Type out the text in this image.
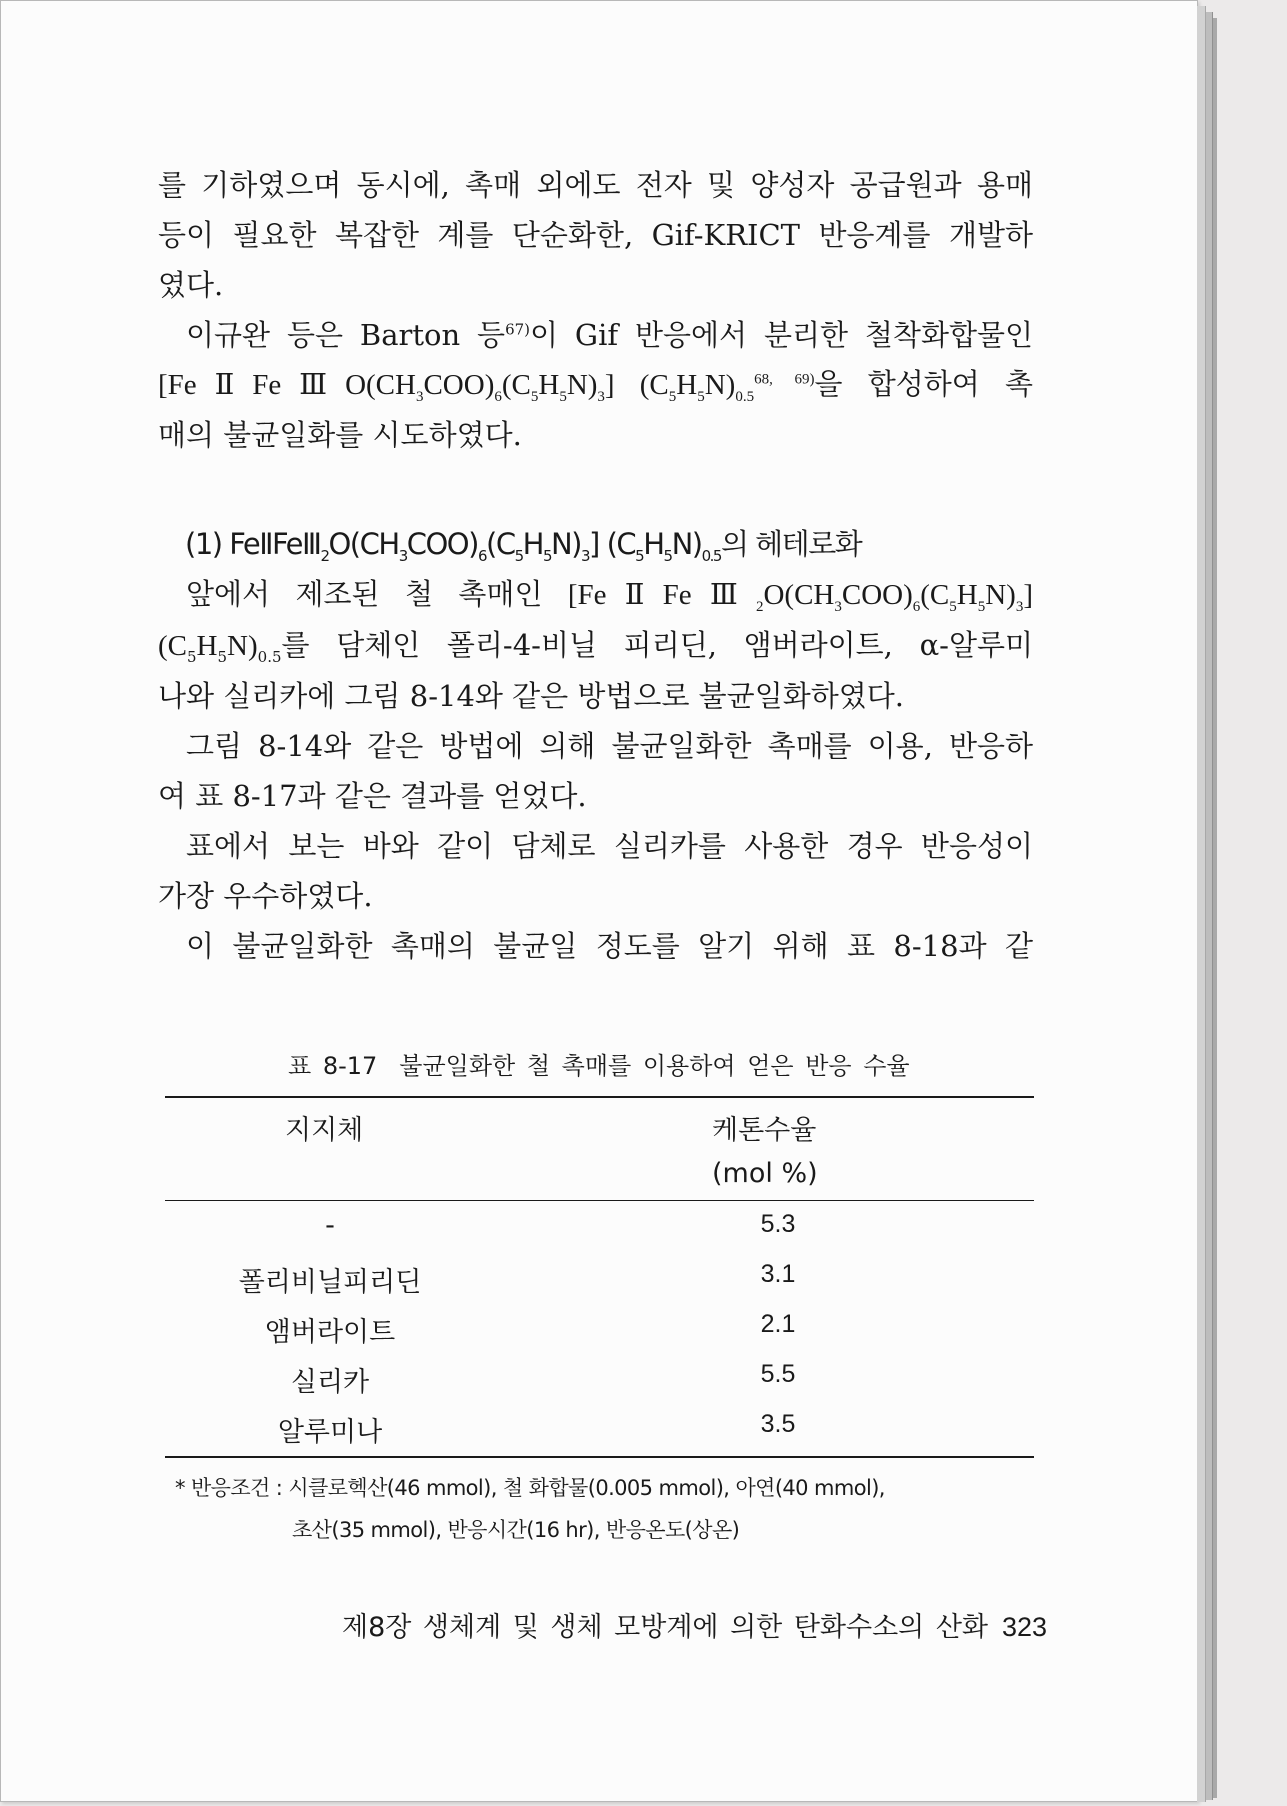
를 기하였으며 동시에, 촉매 외에도 전자 및 양성자 공급원과 용매
등이 필요한 복잡한 계를 단순화한, Gif-KRICT 반응계를 개발하
였다.

이규완 등은 Barton 등$^{67)}$이 Gif 반응에서 분리한 철착화합물인
$[FeⅡFeⅢO(CH_3COO)_6(C_5H_5N)_3]$ $(C_5H_5N)_{0.5}^{68, 69)}$을 합성하여 촉
매의 불균일화를 시도하였다.

(1) $FeⅡFeⅢ_2O(CH_3COO)_6(C_5H_5N)_3$] $(C_5H_5N)_{0.5}$의 헤테로화

앞에서 제조된 철 촉매인 $[FeⅡFeⅢ_2O(CH_3COO)_6(C_5H_5N)_3]$
$(C_5H_5N)_{0.5}$를 담체인 폴리-4-비닐 피리딘, 앰버라이트, α-알루미
나와 실리카에 그림 8-14와 같은 방법으로 불균일화하였다.

그림 8-14와 같은 방법에 의해 불균일화한 촉매를 이용, 반응하
여 표 8-17과 같은 결과를 얻었다.

표에서 보는 바와 같이 담체로 실리카를 사용한 경우 반응성이
가장 우수하였다.

이 불균일화한 촉매의 불균일 정도를 알기 위해 표 8-18과 같

표 8-17 불균일화한 철 촉매를 이용하여 얻은 반응 수율
지지체	케톤수율
(mol %)
-	5.3
폴리비닐피리딘	3.1
앰버라이트	2.1
실리카	5.5
알루미나	3.5
* 반응조건 : 시클로헥산(46 mmol), 철 화합물(0.005 mmol), 아연(40 mmol),
초산(35 mmol), 반응시간(16 hr), 반응온도(상온)
제8장 생체계 및 생체 모방계에 의한 탄화수소의 산화 323
